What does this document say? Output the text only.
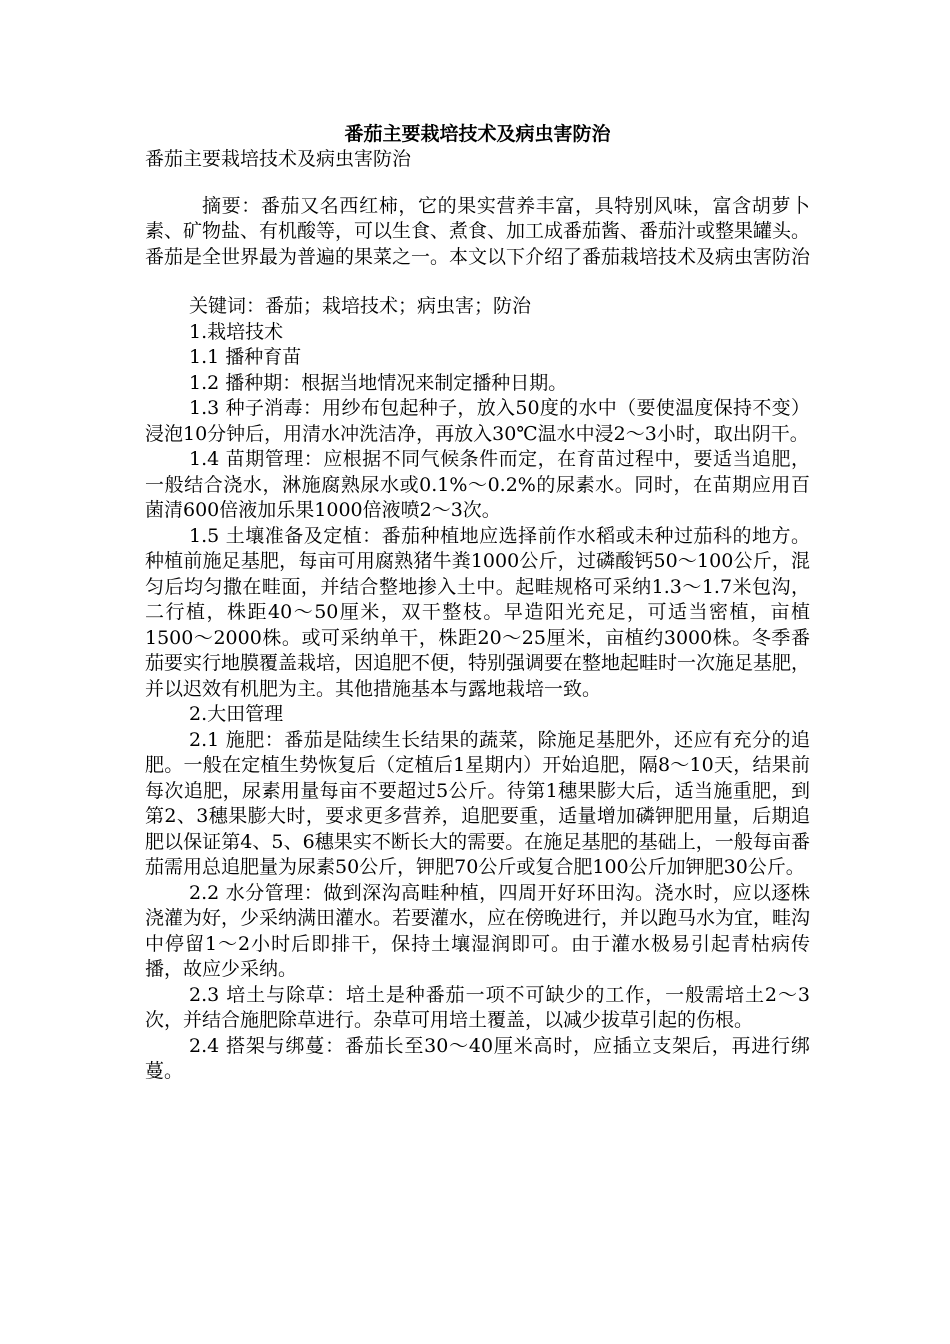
番茄主要栽培技术及病虫害防治

番茄主要栽培技术及病虫害防治

摘要：番茄又名西红柿，它的果实营养丰富，具特别风味，富含胡萝卜素、矿物盐、有机酸等，可以生食、煮食、加工成番茄酱、番茄汁或整果罐头。番茄是全世界最为普遍的果菜之一。本文以下介绍了番茄栽培技术及病虫害防治

关键词：番茄；栽培技术；病虫害；防治

1.栽培技术

1.1 播种育苗

1.2 播种期：根据当地情况来制定播种日期。

1.3 种子消毒：用纱布包起种子，放入50度的水中（要使温度保持不变）浸泡10分钟后，用清水冲洗洁净，再放入30℃温水中浸2～3小时，取出阴干。

1.4 苗期管理：应根据不同气候条件而定，在育苗过程中，要适当追肥，一般结合浇水，淋施腐熟尿水或0.1%～0.2%的尿素水。同时，在苗期应用百菌清600倍液加乐果1000倍液喷2～3次。

1.5 土壤准备及定植：番茄种植地应选择前作水稻或未种过茄科的地方。种植前施足基肥，每亩可用腐熟猪牛粪1000公斤，过磷酸钙50～100公斤，混匀后均匀撒在畦面，并结合整地掺入土中。起畦规格可采纳1.3～1.7米包沟，二行植，株距40～50厘米，双干整枝。早造阳光充足，可适当密植，亩植1500～2000株。或可采纳单干，株距20～25厘米，亩植约3000株。冬季番茄要实行地膜覆盖栽培，因追肥不便，特别强调要在整地起畦时一次施足基肥，并以迟效有机肥为主。其他措施基本与露地栽培一致。

2.大田管理

2.1 施肥：番茄是陆续生长结果的蔬菜，除施足基肥外，还应有充分的追肥。一般在定植生势恢复后（定植后1星期内）开始追肥，隔8～10天，结果前每次追肥，尿素用量每亩不要超过5公斤。待第1穗果膨大后，适当施重肥，到第2、3穗果膨大时，要求更多营养，追肥要重，适量增加磷钾肥用量，后期追肥以保证第4、5、6穗果实不断长大的需要。在施足基肥的基础上，一般每亩番茄需用总追肥量为尿素50公斤，钾肥70公斤或复合肥100公斤加钾肥30公斤。

2.2 水分管理：做到深沟高畦种植，四周开好环田沟。浇水时，应以逐株浇灌为好，少采纳满田灌水。若要灌水，应在傍晚进行，并以跑马水为宜，畦沟中停留1～2小时后即排干，保持土壤湿润即可。由于灌水极易引起青枯病传播，故应少采纳。

2.3 培土与除草：培土是种番茄一项不可缺少的工作，一般需培土2～3次，并结合施肥除草进行。杂草可用培土覆盖，以减少拔草引起的伤根。

2.4 搭架与绑蔓：番茄长至30～40厘米高时，应插立支架后，再进行绑蔓。
